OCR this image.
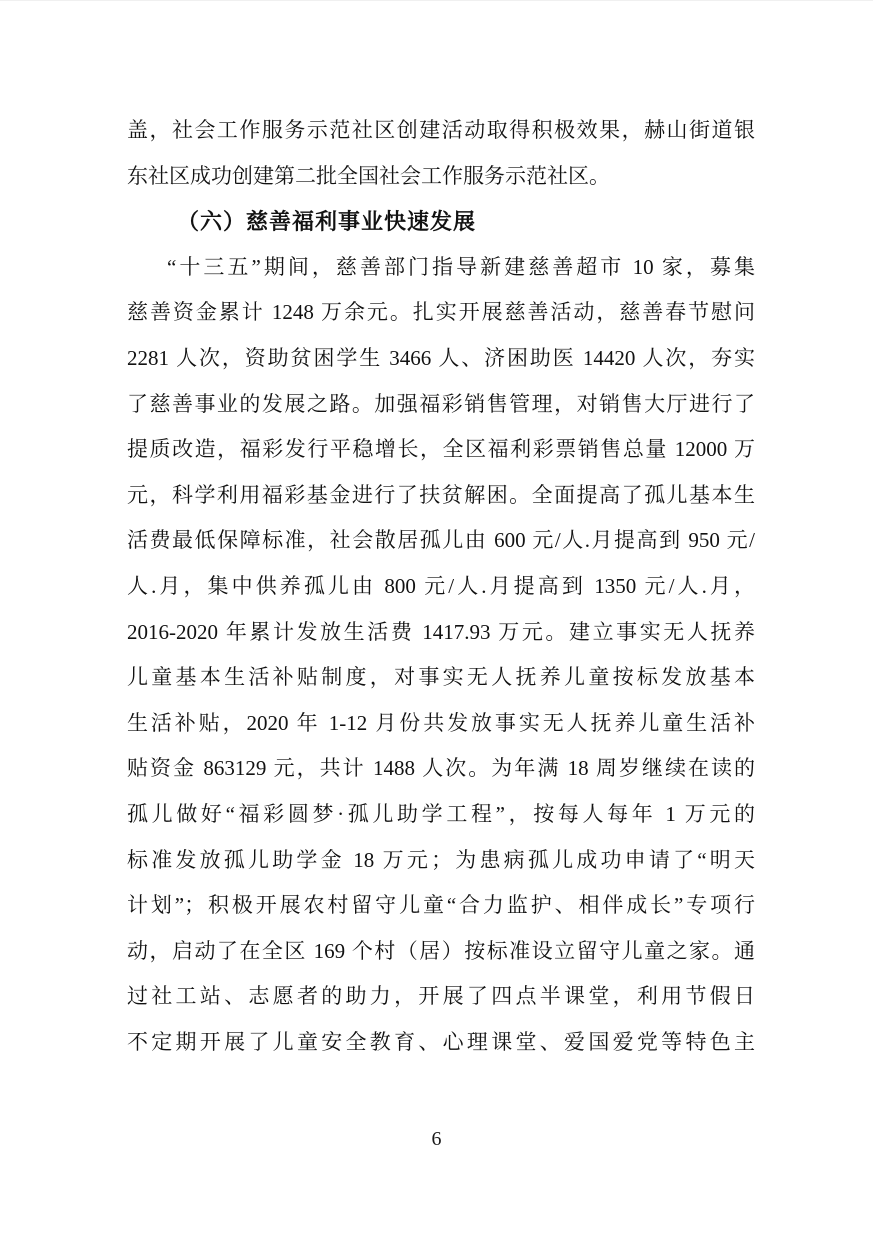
盖，社会工作服务示范社区创建活动取得积极效果，赫山街道银
东社区成功创建第二批全国社会工作服务示范社区。
（六）慈善福利事业快速发展
“十三五”期间，慈善部门指导新建慈善超市 10 家，募集
慈善资金累计 1248 万余元。扎实开展慈善活动，慈善春节慰问
2281 人次，资助贫困学生 3466 人、济困助医 14420 人次，夯实
了慈善事业的发展之路。加强福彩销售管理，对销售大厅进行了
提质改造，福彩发行平稳增长，全区福利彩票销售总量 12000 万
元，科学利用福彩基金进行了扶贫解困。全面提高了孤儿基本生
活费最低保障标准，社会散居孤儿由 600 元/人.月提高到 950 元/
人.月，集中供养孤儿由 800 元/人.月提高到 1350 元/人.月，
2016-2020 年累计发放生活费 1417.93 万元。建立事实无人抚养
儿童基本生活补贴制度，对事实无人抚养儿童按标发放基本
生活补贴，2020 年 1-12 月份共发放事实无人抚养儿童生活补
贴资金 863129 元，共计 1488 人次。为年满 18 周岁继续在读的
孤儿做好“福彩圆梦·孤儿助学工程”，按每人每年 1 万元的
标准发放孤儿助学金 18 万元；为患病孤儿成功申请了“明天
计划”；积极开展农村留守儿童“合力监护、相伴成长”专项行
动，启动了在全区 169 个村（居）按标准设立留守儿童之家。通
过社工站、志愿者的助力，开展了四点半课堂，利用节假日
不定期开展了儿童安全教育、心理课堂、爱国爱党等特色主
6
